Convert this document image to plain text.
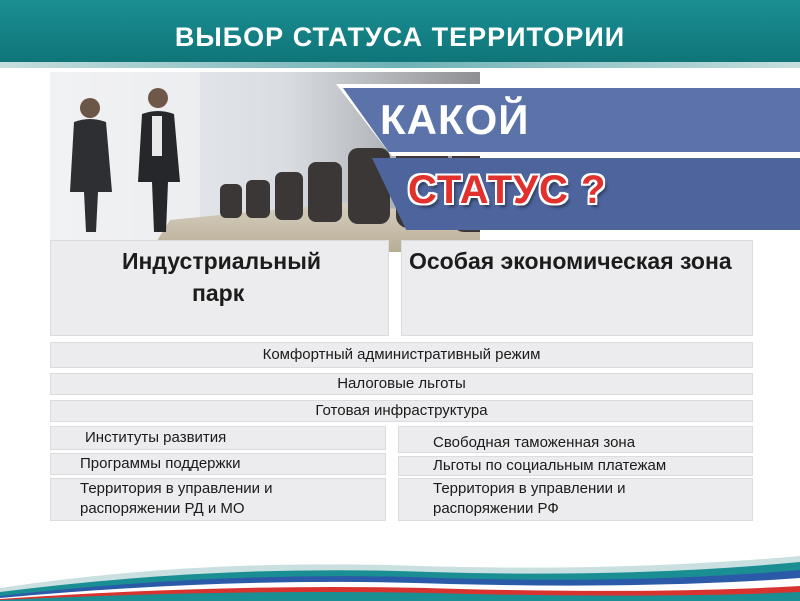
ВЫБОР СТАТУСА ТЕРРИТОРИИ
КАКОЙ
СТАТУС ?
Индустриальный
парк
Особая экономическая зона
Комфортный административный режим
Налоговые льготы
Готовая инфраструктура
Институты развития
Программы поддержки
Территория в управлении и
распоряжении РД и МО
Свободная таможенная зона
Льготы по социальным платежам
Территория в управлении и
распоряжении РФ
